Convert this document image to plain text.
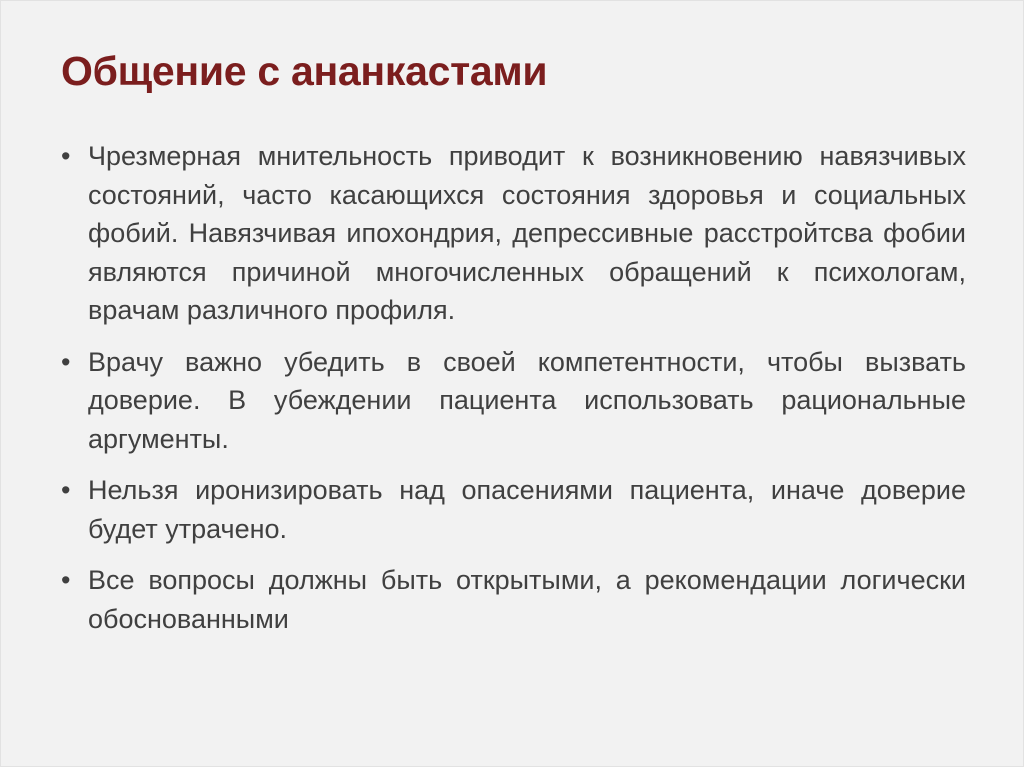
Общение с ананкастами
• Чрезмерная мнительность приводит к возникновению навязчивых состояний, часто касающихся состояния здоровья и социальных фобий. Навязчивая ипохондрия, депрессивные расстройтсва фобии являются причиной многочисленных обращений к психологам, врачам различного профиля.
• Врачу важно убедить в своей компетентности, чтобы вызвать доверие. В убеждении пациента использовать рациональные аргументы.
• Нельзя иронизировать над опасениями пациента, иначе доверие будет утрачено.
• Все вопросы должны быть открытыми, а рекомендации логически обоснованными
